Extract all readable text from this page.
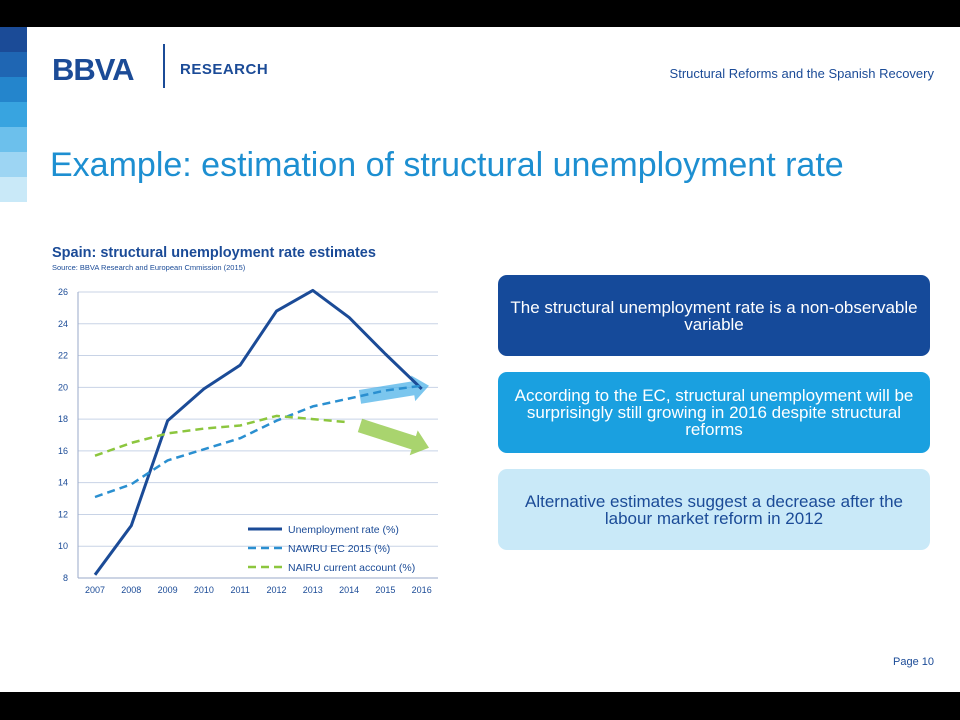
BBVA	RESEARCH	Structural Reforms and the Spanish Recovery
Example: estimation of structural unemployment rate
Spain: structural unemployment rate estimates
Source: BBVA Research and European Cmmission (2015)
8
10
12
14
16
18
20
22
24
26
2007 2008 2009 2010 2011 2012 2013 2014 2015 2016
Unemployment rate (%)
NAWRU EC 2015 (%)
NAIRU current account (%)
The structural unemployment rate is a non-observable variable
According to the EC, structural unemployment will be surprisingly still growing in 2016 despite structural reforms
Alternative estimates suggest a decrease after the labour market reform in 2012
Page 10
